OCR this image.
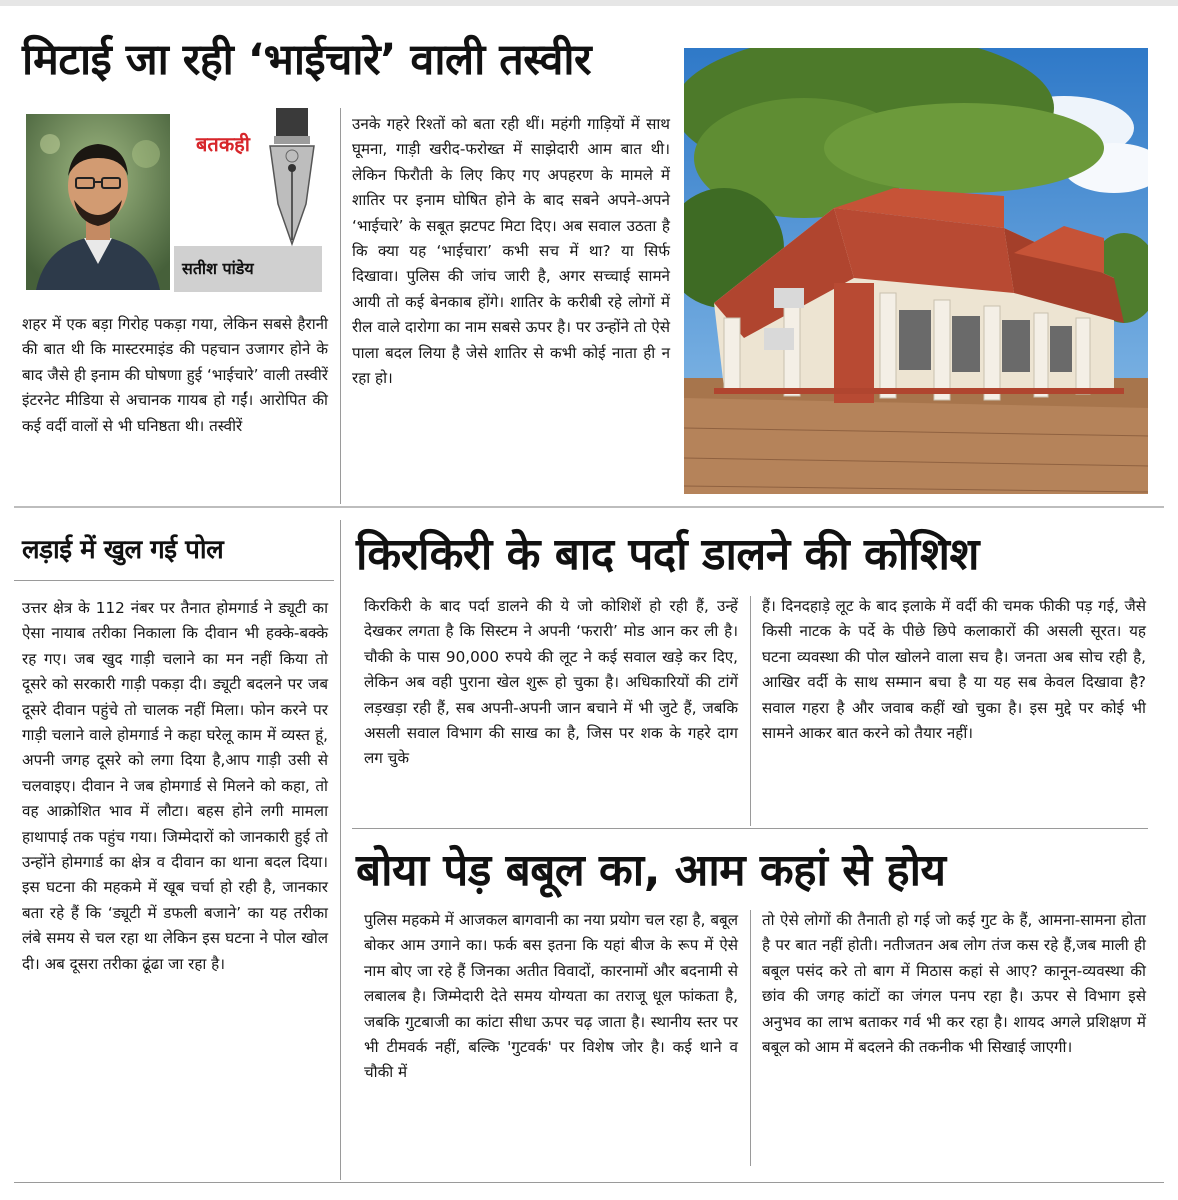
मिटाई जा रही ‘भाईचारे’ वाली तस्वीर
बतकही
सतीश पांडेय

शहर में एक बड़ा गिरोह पकड़ा गया, लेकिन सबसे हैरानी की बात थी कि मास्टरमाइंड की पहचान उजागर होने के बाद जैसे ही इनाम की घोषणा हुई ‘भाईचारे’ वाली तस्वीरें इंटरनेट मीडिया से अचानक गायब हो गईं। आरोपित की कई वर्दी वालों से भी घनिष्ठता थी। तस्वीरें

उनके गहरे रिश्तों को बता रही थीं। महंगी गाड़ियों में साथ घूमना, गाड़ी खरीद-फरोख्त में साझेदारी आम बात थी। लेकिन फिरौती के लिए किए गए अपहरण के मामले में शातिर पर इनाम घोषित होने के बाद सबने अपने-अपने ‘भाईचारे’ के सबूत झटपट मिटा दिए। अब सवाल उठता है कि क्या यह ‘भाईचारा’ कभी सच में था? या सिर्फ दिखावा। पुलिस की जांच जारी है, अगर सच्चाई सामने आयी तो कई बेनकाब होंगे। शातिर के करीबी रहे लोगों में रील वाले दारोगा का नाम सबसे ऊपर है। पर उन्होंने तो ऐसे पाला बदल लिया है जेसे शातिर से कभी कोई नाता ही न रहा हो।

लड़ाई में खुल गई पोल

उत्तर क्षेत्र के 112 नंबर पर तैनात होमगार्ड ने ड्यूटी का ऐसा नायाब तरीका निकाला कि दीवान भी हक्के-बक्के रह गए। जब खुद गाड़ी चलाने का मन नहीं किया तो दूसरे को सरकारी गाड़ी पकड़ा दी। ड्यूटी बदलने पर जब दूसरे दीवान पहुंचे तो चालक नहीं मिला। फोन करने पर गाड़ी चलाने वाले होमगार्ड ने कहा घरेलू काम में व्यस्त हूं, अपनी जगह दूसरे को लगा दिया है,आप गाड़ी उसी से चलवाइए। दीवान ने जब होमगार्ड से मिलने को कहा, तो वह आक्रोशित भाव में लौटा। बहस होने लगी मामला हाथापाई तक पहुंच गया। जिम्मेदारों को जानकारी हुई तो उन्होंने होमगार्ड का क्षेत्र व दीवान का थाना बदल दिया। इस घटना की महकमे में खूब चर्चा हो रही है, जानकार बता रहे हैं कि ‘ड्यूटी में डफली बजाने’ का यह तरीका लंबे समय से चल रहा था लेकिन इस घटना ने पोल खोल दी। अब दूसरा तरीका ढूंढा जा रहा है।

किरकिरी के बाद पर्दा डालने की कोशिश

किरकिरी के बाद पर्दा डालने की ये जो कोशिशें हो रही हैं, उन्हें देखकर लगता है कि सिस्टम ने अपनी ‘फरारी’ मोड आन कर ली है। चौकी के पास 90,000 रुपये की लूट ने कई सवाल खड़े कर दिए, लेकिन अब वही पुराना खेल शुरू हो चुका है। अधिकारियों की टांगें लड़खड़ा रही हैं, सब अपनी-अपनी जान बचाने में भी जुटे हैं, जबकि असली सवाल विभाग की साख का है, जिस पर शक के गहरे दाग लग चुके

हैं। दिनदहाड़े लूट के बाद इलाके में वर्दी की चमक फीकी पड़ गई, जैसे किसी नाटक के पर्दे के पीछे छिपे कलाकारों की असली सूरत। यह घटना व्यवस्था की पोल खोलने वाला सच है। जनता अब सोच रही है, आखिर वर्दी के साथ सम्मान बचा है या यह सब केवल दिखावा है? सवाल गहरा है और जवाब कहीं खो चुका है। इस मुद्दे पर कोई भी सामने आकर बात करने को तैयार नहीं।

बोया पेड़ बबूल का, आम कहां से होय

पुलिस महकमे में आजकल बागवानी का नया प्रयोग चल रहा है, बबूल बोकर आम उगाने का। फर्क बस इतना कि यहां बीज के रूप में ऐसे नाम बोए जा रहे हैं जिनका अतीत विवादों, कारनामों और बदनामी से लबालब है। जिम्मेदारी देते समय योग्यता का तराजू धूल फांकता है, जबकि गुटबाजी का कांटा सीधा ऊपर चढ़ जाता है। स्थानीय स्तर पर भी टीमवर्क नहीं, बल्कि 'गुटवर्क' पर विशेष जोर है। कई थाने व चौकी में

तो ऐसे लोगों की तैनाती हो गई जो कई गुट के हैं, आमना-सामना होता है पर बात नहीं होती। नतीजतन अब लोग तंज कस रहे हैं,जब माली ही बबूल पसंद करे तो बाग में मिठास कहां से आए? कानून-व्यवस्था की छांव की जगह कांटों का जंगल पनप रहा है। ऊपर से विभाग इसे अनुभव का लाभ बताकर गर्व भी कर रहा है। शायद अगले प्रशिक्षण में बबूल को आम में बदलने की तकनीक भी सिखाई जाएगी।
